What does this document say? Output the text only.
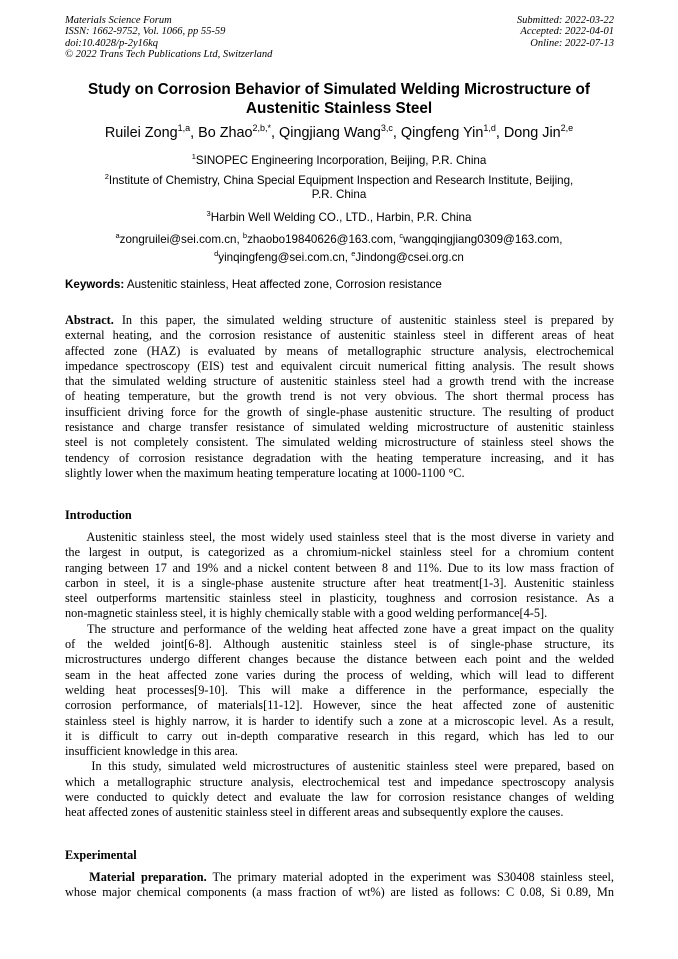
Materials Science Forum
ISSN: 1662-9752, Vol. 1066, pp 55-59
doi:10.4028/p-2y16kq
© 2022 Trans Tech Publications Ltd, Switzerland
Submitted: 2022-03-22
Accepted: 2022-04-01
Online: 2022-07-13
Study on Corrosion Behavior of Simulated Welding Microstructure of
Austenitic Stainless Steel
Ruilei Zong$^{1,a}$, Bo Zhao$^{2,b,*}$, Qingjiang Wang$^{3,c}$, Qingfeng Yin$^{1,d}$, Dong Jin$^{2,e}$
$^1$SINOPEC Engineering Incorporation, Beijing, P.R. China
$^2$Institute of Chemistry, China Special Equipment Inspection and Research Institute, Beijing,
P.R. China
$^3$Harbin Well Welding CO., LTD., Harbin, P.R. China
$^a$zongruilei@sei.com.cn, $^b$zhaobo19840626@163.com, $^c$wangqingjiang0309@163.com,
$^d$yinqingfeng@sei.com.cn, $^e$Jindong@csei.org.cn
Keywords: Austenitic stainless, Heat affected zone, Corrosion resistance
Abstract. In this paper, the simulated welding structure of austenitic stainless steel is prepared by
external heating, and the corrosion resistance of austenitic stainless steel in different areas of heat
affected zone (HAZ) is evaluated by means of metallographic structure analysis, electrochemical
impedance spectroscopy (EIS) test and equivalent circuit numerical fitting analysis. The result shows
that the simulated welding structure of austenitic stainless steel had a growth trend with the increase
of heating temperature, but the growth trend is not very obvious. The short thermal process has
insufficient driving force for the growth of single-phase austenitic structure. The resulting of product
resistance and charge transfer resistance of simulated welding microstructure of austenitic stainless
steel is not completely consistent. The simulated welding microstructure of stainless steel shows the
tendency of corrosion resistance degradation with the heating temperature increasing, and it has
slightly lower when the maximum heating temperature locating at 1000-1100 °C.
Introduction
Austenitic stainless steel, the most widely used stainless steel that is the most diverse in variety and
the largest in output, is categorized as a chromium-nickel stainless steel for a chromium content
ranging between 17 and 19% and a nickel content between 8 and 11%. Due to its low mass fraction of
carbon in steel, it is a single-phase austenite structure after heat treatment[1-3]. Austenitic stainless
steel outperforms martensitic stainless steel in plasticity, toughness and corrosion resistance. As a
non-magnetic stainless steel, it is highly chemically stable with a good welding performance[4-5].
The structure and performance of the welding heat affected zone have a great impact on the quality
of the welded joint[6-8]. Although austenitic stainless steel is of single-phase structure, its
microstructures undergo different changes because the distance between each point and the welded
seam in the heat affected zone varies during the process of welding, which will lead to different
welding heat processes[9-10]. This will make a difference in the performance, especially the
corrosion performance, of materials[11-12]. However, since the heat affected zone of austenitic
stainless steel is highly narrow, it is harder to identify such a zone at a microscopic level. As a result,
it is difficult to carry out in-depth comparative research in this regard, which has led to our
insufficient knowledge in this area.
In this study, simulated weld microstructures of austenitic stainless steel were prepared, based on
which a metallographic structure analysis, electrochemical test and impedance spectroscopy analysis
were conducted to quickly detect and evaluate the law for corrosion resistance changes of welding
heat affected zones of austenitic stainless steel in different areas and subsequently explore the causes.
Experimental
Material preparation. The primary material adopted in the experiment was S30408 stainless steel,
whose major chemical components (a mass fraction of wt%) are listed as follows: C 0.08, Si 0.89, Mn
